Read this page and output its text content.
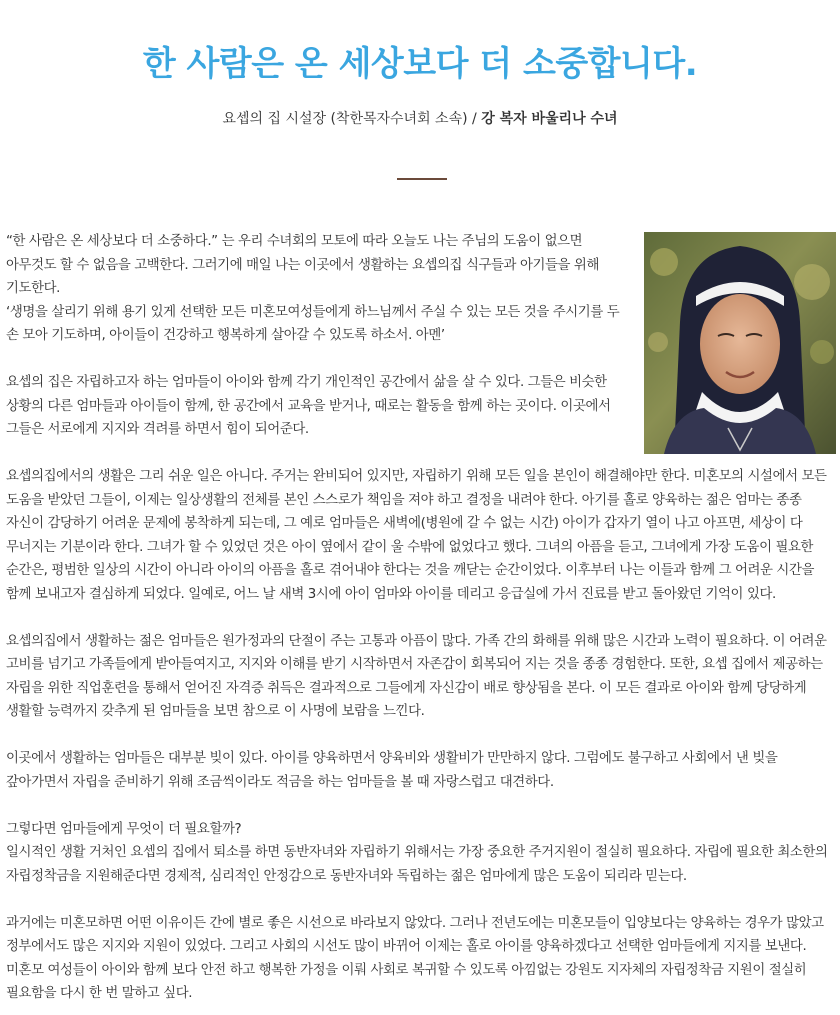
한 사람은 온 세상보다 더 소중합니다.
요셉의 집 시설장 (착한목자수녀회 소속) / 강 복자 바울리나 수녀

“한 사람은 온 세상보다 더 소중하다.” 는 우리 수녀회의 모토에 따라 오늘도 나는 주님의 도움이 없으면 아무것도 할 수 없음을 고백한다. 그러기에 매일 나는 이곳에서 생활하는 요셉의집 식구들과 아기들을 위해 기도한다.
‘생명을 살리기 위해 용기 있게 선택한 모든 미혼모여성들에게 하느님께서 주실 수 있는 모든 것을 주시기를 두 손 모아 기도하며, 아이들이 건강하고 행복하게 살아갈 수 있도록 하소서. 아멘’

요셉의 집은 자립하고자 하는 엄마들이 아이와 함께 각기 개인적인 공간에서 삶을 살 수 있다. 그들은 비슷한 상황의 다른 엄마들과 아이들이 함께, 한 공간에서 교육을 받거나, 때로는 활동을 함께 하는 곳이다. 이곳에서 그들은 서로에게 지지와 격려를 하면서 힘이 되어준다.

요셉의집에서의 생활은 그리 쉬운 일은 아니다. 주거는 완비되어 있지만, 자립하기 위해 모든 일을 본인이 해결해야만 한다. 미혼모의 시설에서 모든 도움을 받았던 그들이, 이제는 일상생활의 전체를 본인 스스로가 책임을 져야 하고 결정을 내려야 한다. 아기를 홀로 양육하는 젊은 엄마는 종종 자신이 감당하기 어려운 문제에 봉착하게 되는데, 그 예로 엄마들은 새벽에(병원에 갈 수 없는 시간) 아이가 갑자기 열이 나고 아프면, 세상이 다 무너지는 기분이라 한다. 그녀가 할 수 있었던 것은 아이 옆에서 같이 울 수밖에 없었다고 했다. 그녀의 아픔을 듣고, 그녀에게 가장 도움이 필요한 순간은, 평범한 일상의 시간이 아니라 아이의 아픔을 홀로 겪어내야 한다는 것을 깨닫는 순간이었다. 이후부터 나는 이들과 함께 그 어려운 시간을 함께 보내고자 결심하게 되었다. 일예로, 어느 날 새벽 3시에 아이 엄마와 아이를 데리고 응급실에 가서 진료를 받고 돌아왔던 기억이 있다.

요셉의집에서 생활하는 젊은 엄마들은 원가정과의 단절이 주는 고통과 아픔이 많다. 가족 간의 화해를 위해 많은 시간과 노력이 필요하다. 이 어려운 고비를 넘기고 가족들에게 받아들여지고, 지지와 이해를 받기 시작하면서 자존감이 회복되어 지는 것을 종종 경험한다. 또한, 요셉 집에서 제공하는 자립을 위한 직업훈련을 통해서 얻어진 자격증 취득은 결과적으로 그들에게 자신감이 배로 향상됨을 본다. 이 모든 결과로 아이와 함께 당당하게 생활할 능력까지 갖추게 된 엄마들을 보면 참으로 이 사명에 보람을 느낀다.

이곳에서 생활하는 엄마들은 대부분 빚이 있다. 아이를 양육하면서 양육비와 생활비가 만만하지 않다. 그럼에도 불구하고 사회에서 낸 빚을 갚아가면서 자립을 준비하기 위해 조금씩이라도 적금을 하는 엄마들을 볼 때 자랑스럽고 대견하다.

그렇다면 엄마들에게 무엇이 더 필요할까?
일시적인 생활 거처인 요셉의 집에서 퇴소를 하면 동반자녀와 자립하기 위해서는 가장 중요한 주거지원이 절실히 필요하다. 자립에 필요한 최소한의 자립정착금을 지원해준다면 경제적, 심리적인 안정감으로 동반자녀와 독립하는 젊은 엄마에게 많은 도움이 되리라 믿는다.

과거에는 미혼모하면 어떤 이유이든 간에 별로 좋은 시선으로 바라보지 않았다. 그러나 전년도에는 미혼모들이 입양보다는 양육하는 경우가 많았고 정부에서도 많은 지지와 지원이 있었다. 그리고 사회의 시선도 많이 바뀌어 이제는 홀로 아이를 양육하겠다고 선택한 엄마들에게 지지를 보낸다. 미혼모 여성들이 아이와 함께 보다 안전 하고 행복한 가정을 이뤄 사회로 복귀할 수 있도록 아낌없는 강원도 지자체의 자립정착금 지원이 절실히 필요함을 다시 한 번 말하고 싶다.
